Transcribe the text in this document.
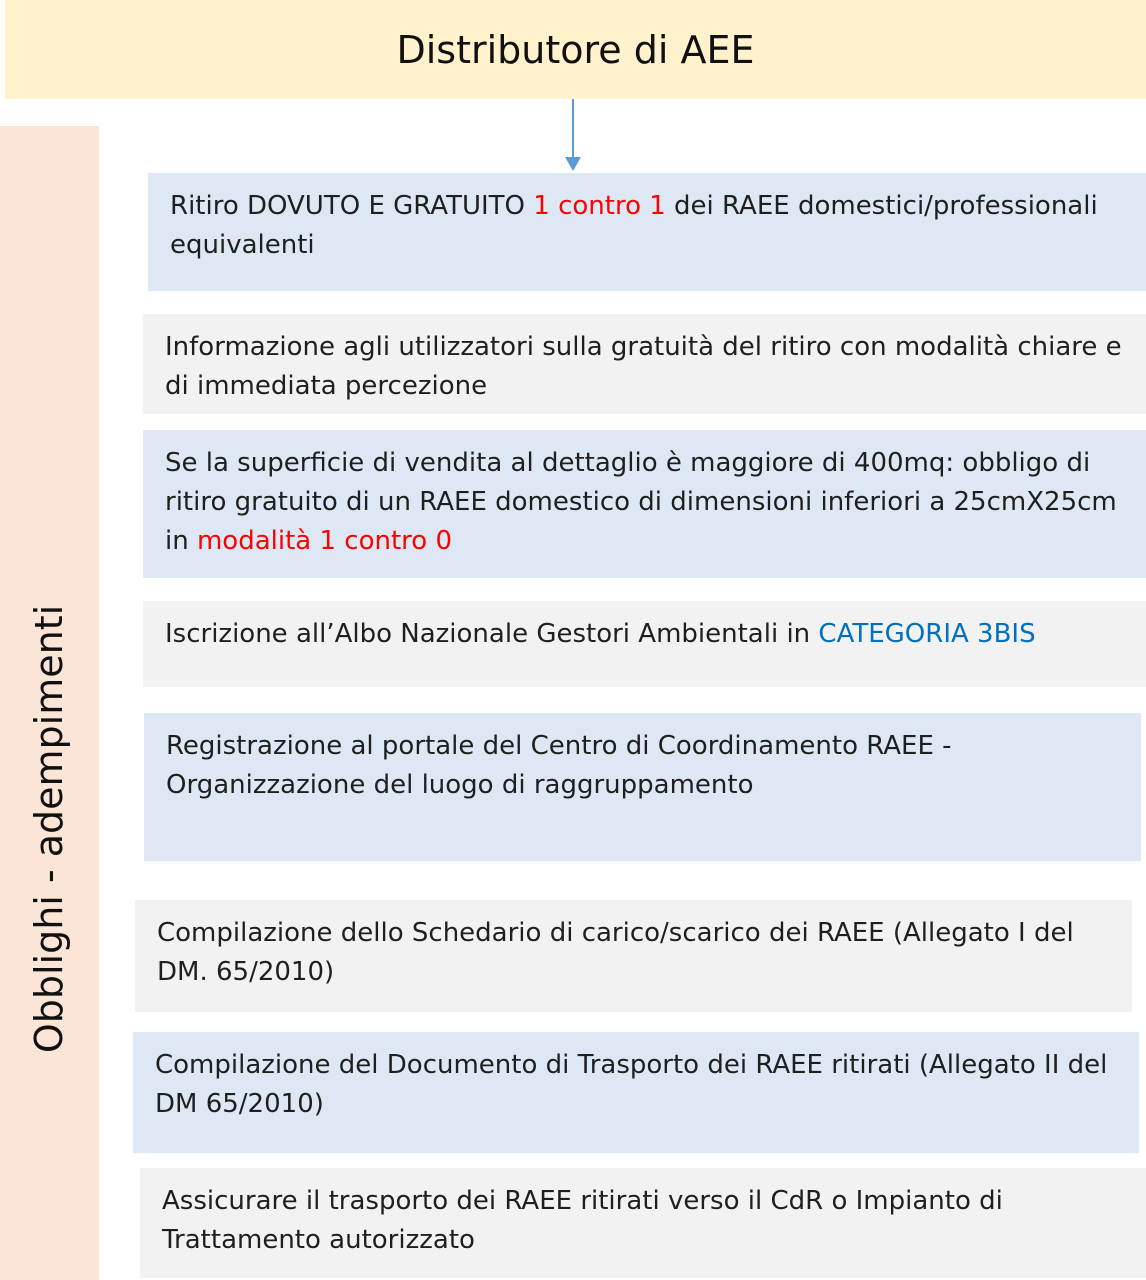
Distributore di AEE
Obblighi - adempimenti
Ritiro DOVUTO E GRATUITO 1 contro 1 dei RAEE domestici/professionali equivalenti
Informazione agli utilizzatori sulla gratuità del ritiro con modalità chiare e di immediata percezione
Se la superficie di vendita al dettaglio è maggiore di 400mq: obbligo di ritiro gratuito di un RAEE domestico di dimensioni inferiori a 25cmX25cm in modalità 1 contro 0
Iscrizione all’Albo Nazionale Gestori Ambientali in CATEGORIA 3BIS
Registrazione al portale del Centro di Coordinamento RAEE - Organizzazione del luogo di raggruppamento
Compilazione dello Schedario di carico/scarico dei RAEE (Allegato I del DM. 65/2010)
Compilazione del Documento di Trasporto dei RAEE ritirati (Allegato II del DM 65/2010)
Assicurare il trasporto dei RAEE ritirati verso il CdR o Impianto di Trattamento autorizzato
